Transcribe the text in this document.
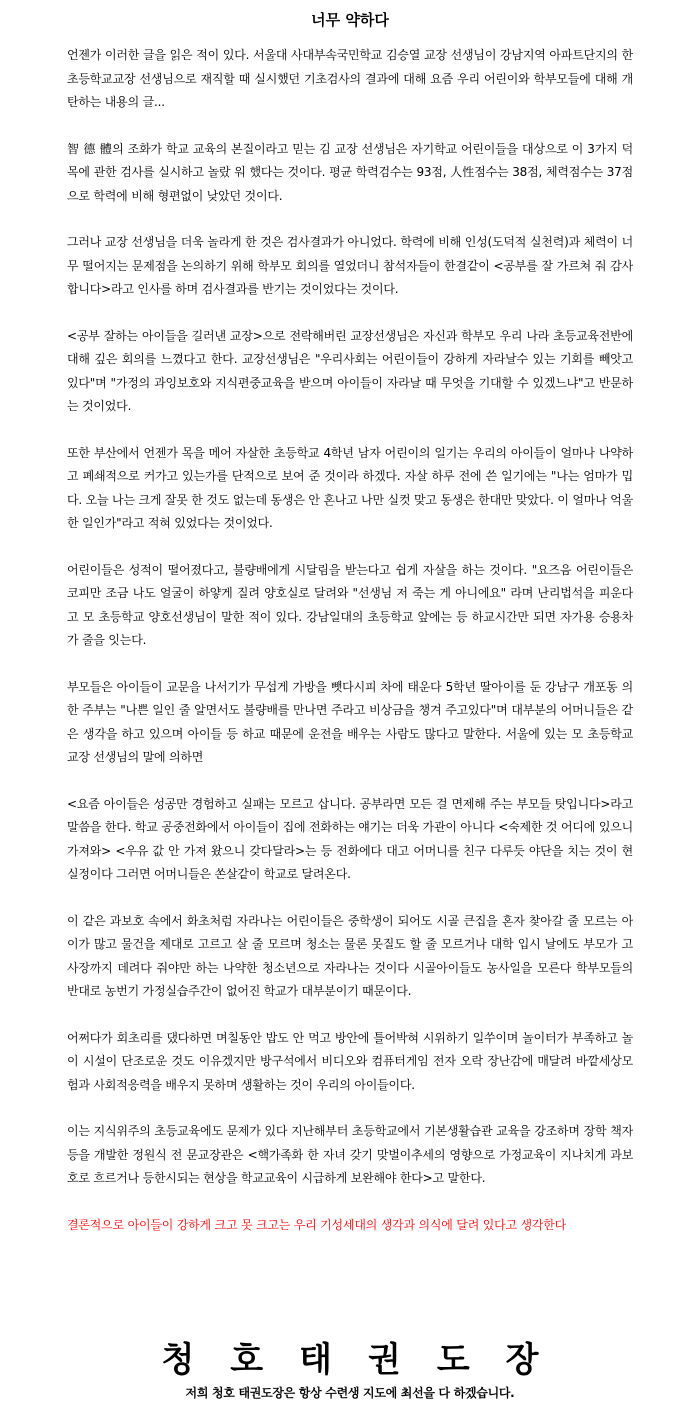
너무 약하다

언젠가 이러한 글을 읽은 적이 있다. 서울대 사대부속국민학교 김승열 교장 선생님이 강남지역 아파트단지의 한 초등학교교장 선생님으로 재직할 때 실시했던 기초검사의 결과에 대해 요즘 우리 어린이와 학부모들에 대해 개탄하는 내용의 글...

智 德 體의 조화가 학교 교육의 본질이라고 믿는 김 교장 선생님은 자기학교 어린이들을 대상으로 이 3가지 덕목에 관한 검사를 실시하고 놀랐 워 했다는 것이다. 평균 학력검수는 93점, 人性점수는 38점, 체력점수는 37점으로 학력에 비해 형편없이 낮았던 것이다.

그러나 교장 선생님을 더욱 놀라게 한 것은 검사결과가 아니었다. 학력에 비해 인성(도덕적 실천력)과 체력이 너무 떨어지는 문제점을 논의하기 위해 학부모 회의를 열었더니 참석자들이 한결같이 <공부를 잘 가르쳐 줘 감사합니다>라고 인사를 하며 검사결과를 반기는 것이었다는 것이다.

<공부 잘하는 아이들을 길러낸 교장>으로 전락해버린 교장선생님은 자신과 학부모 우리 나라 초등교육전반에 대해 깊은 회의를 느꼈다고 한다. 교장선생님은 "우리사회는 어린이들이 강하게 자라날수 있는 기회를 빼앗고 있다"며 "가정의 과잉보호와 지식편중교육을 받으며 아이들이 자라날 때 무엇을 기대할 수 있겠느냐"고 반문하는 것이었다.

또한 부산에서 언젠가 목을 메어 자살한 초등학교 4학년 남자 어린이의 일기는 우리의 아이들이 얼마나 나약하고 폐쇄적으로 커가고 있는가를 단적으로 보여 준 것이라 하겠다. 자살 하루 전에 쓴 일기에는 "나는 엄마가 밉다. 오늘 나는 크게 잘못 한 것도 없는데 동생은 안 혼나고 나만 실컷 맞고 동생은 한대만 맞았다. 이 얼마나 억울한 일인가"라고 적혀 있었다는 것이었다.

어린이들은 성적이 떨어졌다고, 불량배에게 시달림을 받는다고 쉽게 자살을 하는 것이다. "요즈음 어린이들은 코피만 조금 나도 얼굴이 하얗게 질려 양호실로 달려와 "선생님 저 죽는 게 아니에요" 라며 난리법석을 피운다고 모 초등학교 양호선생님이 말한 적이 있다. 강남일대의 초등학교 앞에는 등 하교시간만 되면 자가용 승용차가 줄을 잇는다.

부모들은 아이들이 교문을 나서기가 무섭게 가방을 뺏다시피 차에 태운다 5학년 딸아이를 둔 강남구 개포동 의 한 주부는 "나쁜 일인 줄 알면서도 불량배를 만나면 주라고 비상금을 챙겨 주고있다"며 대부분의 어머니들은 같은 생각을 하고 있으며 아이들 등 하교 때문에 운전을 배우는 사람도 많다고 말한다. 서울에 있는 모 초등학교 교장 선생님의 말에 의하면

<요즘 아이들은 성공만 경험하고 실패는 모르고 삽니다. 공부라면 모든 걸 면제해 주는 부모들 탓입니다>라고 말씀을 한다. 학교 공중전화에서 아이들이 집에 전화하는 얘기는 더욱 가관이 아니다 <숙제한 것 어디에 있으니 가져와> <우유 값 안 가져 왔으니 갖다달라>는 등 전화에다 대고 어머니를 친구 다루듯 야단을 치는 것이 현 실정이다 그러면 어머니들은 쏜살같이 학교로 달려온다.

이 같은 과보호 속에서 화초처럼 자라나는 어린이들은 중학생이 되어도 시골 큰집을 혼자 찾아갈 줄 모르는 아이가 많고 물건을 제대로 고르고 살 줄 모르며 청소는 물론 못질도 할 줄 모르거나 대학 입시 날에도 부모가 고사장까지 데려다 줘야만 하는 나약한 청소년으로 자라나는 것이다 시골아이들도 농사일을 모른다 학부모들의 반대로 농번기 가정실습주간이 없어진 학교가 대부분이기 때문이다.

어쩌다가 회초리를 댔다하면 며칠동안 밥도 안 먹고 방안에 틀어박혀 시위하기 일쑤이며 놀이터가 부족하고 놀이 시설이 단조로운 것도 이유겠지만 방구석에서 비디오와 컴퓨터게임 전자 오락 장난감에 매달려 바깥세상모험과 사회적응력을 배우지 못하며 생활하는 것이 우리의 아이들이다.

이는 지식위주의 초등교육에도 문제가 있다 지난해부터 초등학교에서 기본생활습관 교육을 강조하며 장학 책자등을 개발한 정원식 전 문교장관은 <핵가족화 한 자녀 갖기 맞벌이추세의 영향으로 가정교육이 지나치게 과보호로 흐르거나 등한시되는 현상을 학교교육이 시급하게 보완해야 한다>고 말한다.

결론적으로 아이들이 강하게 크고 못 크고는 우리 기성세대의 생각과 의식에 달려 있다고 생각한다

청호태권도장
저희 청호 태권도장은 항상 수련생 지도에 최선을 다 하겠습니다.
